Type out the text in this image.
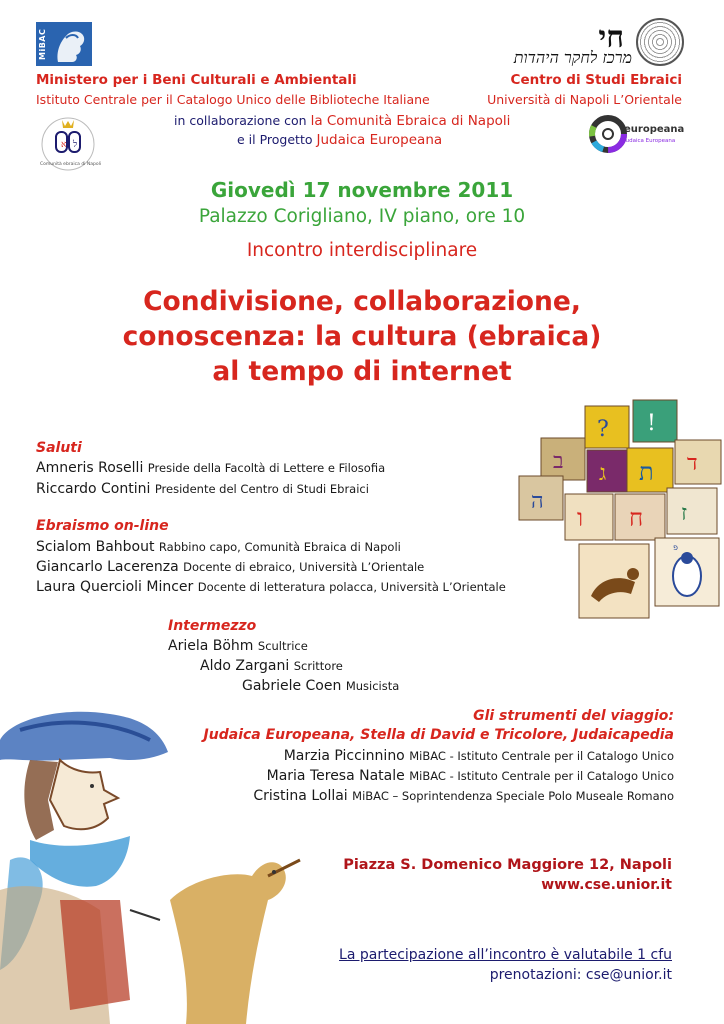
MiBAC	חי
מרכז לחקר היהדות
Ministero per i Beni Culturali e Ambientali
Istituto Centrale per il Catalogo Unico delle Biblioteche Italiane
Centro di Studi Ebraici
Università di Napoli L’Orientale
in collaborazione con la Comunità Ebraica di Napoli
e il Progetto Judaica Europeana
א ל
Comunità ebraica di Napoli
europeana
Judaica Europeana
Giovedì 17 novembre 2011
Palazzo Corigliano, IV piano, ore 10
Incontro interdisciplinare
Condivisione, collaborazione,
conoscenza: la cultura (ebraica)
al tempo di internet
? !
ב ג ת ד
ה
ו ח ז
פ
Saluti
Amneris Roselli Preside della Facoltà di Lettere e Filosofia
Riccardo Contini Presidente del Centro di Studi Ebraici
Ebraismo on-line
Scialom Bahbout Rabbino capo, Comunità Ebraica di Napoli
Giancarlo Lacerenza Docente di ebraico, Università L’Orientale
Laura Quercioli Mincer Docente di letteratura polacca, Università L’Orientale
Intermezzo
Ariela Böhm Scultrice
Aldo Zargani Scrittore
Gabriele Coen Musicista
Gli strumenti del viaggio:
Judaica Europeana, Stella di David e Tricolore, Judaicapedia
Marzia Piccinnino MiBAC - Istituto Centrale per il Catalogo Unico
Maria Teresa Natale MiBAC - Istituto Centrale per il Catalogo Unico
Cristina Lollai MiBAC – Soprintendenza Speciale Polo Museale Romano
Piazza S. Domenico Maggiore 12, Napoli
www.cse.unior.it
La partecipazione all’incontro è valutabile 1 cfu
prenotazioni: cse@unior.it
